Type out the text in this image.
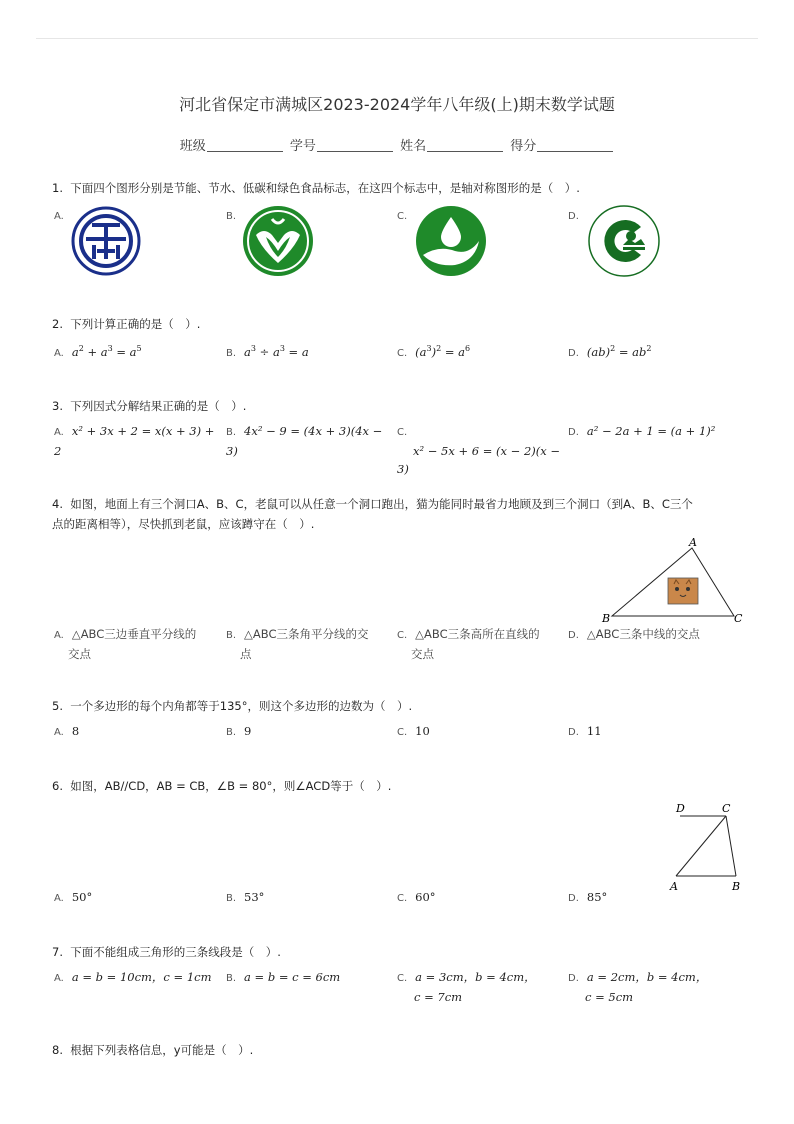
河北省保定市满城区2023-2024学年八年级(上)期末数学试题
班级	学号	姓名	得分
1. 下面四个图形分别是节能、节水、低碳和绿色食品标志，在这四个标志中，是轴对称图形的是（　）.
A.	B.	C.	D.
2. 下列计算正确的是（　）.
A. $a^2 + a^3 = a^5$	B. $a^3 \div a^3 = a$	C. $(a^3)^2 = a^6$	D. $(ab)^2 = ab^2$
3. 下列因式分解结果正确的是（　）.
A. x² + 3x + 2 = x(x + 3) + 2
B. 4x² − 9 = (4x + 3)(4x − 3)
C.
x² − 5x + 6 = (x − 2)(x − 3)
D. a² − 2a + 1 = (a + 1)²
4. 如图，地面上有三个洞口A、B、C，老鼠可以从任意一个洞口跑出，猫为能同时最省力地顾及到三个洞口（到A、B、C三个
点的距离相等），尽快抓到老鼠，应该蹲守在（　）.
A
B	C
A. △ABC三边垂直平分线的
交点
B. △ABC三条角平分线的交
点
C. △ABC三条高所在直线的
交点
D. △ABC三条中线的交点
5. 一个多边形的每个内角都等于135°，则这个多边形的边数为（　）.
A. 8	B. 9	C. 10	D. 11
6. 如图，AB//CD，AB = CB，∠B = 80°，则∠ACD等于（　）.
D	C
A	B
A. 50°	B. 53°	C. 60°	D. 85°
7. 下面不能组成三角形的三条线段是（　）.
A. a = b = 10cm，c = 1cm	B. a = b = c = 6cm	C. a = 3cm，b = 4cm，
c = 7cm
D. a = 2cm，b = 4cm，
c = 5cm
8. 根据下列表格信息，y可能是（　）.
